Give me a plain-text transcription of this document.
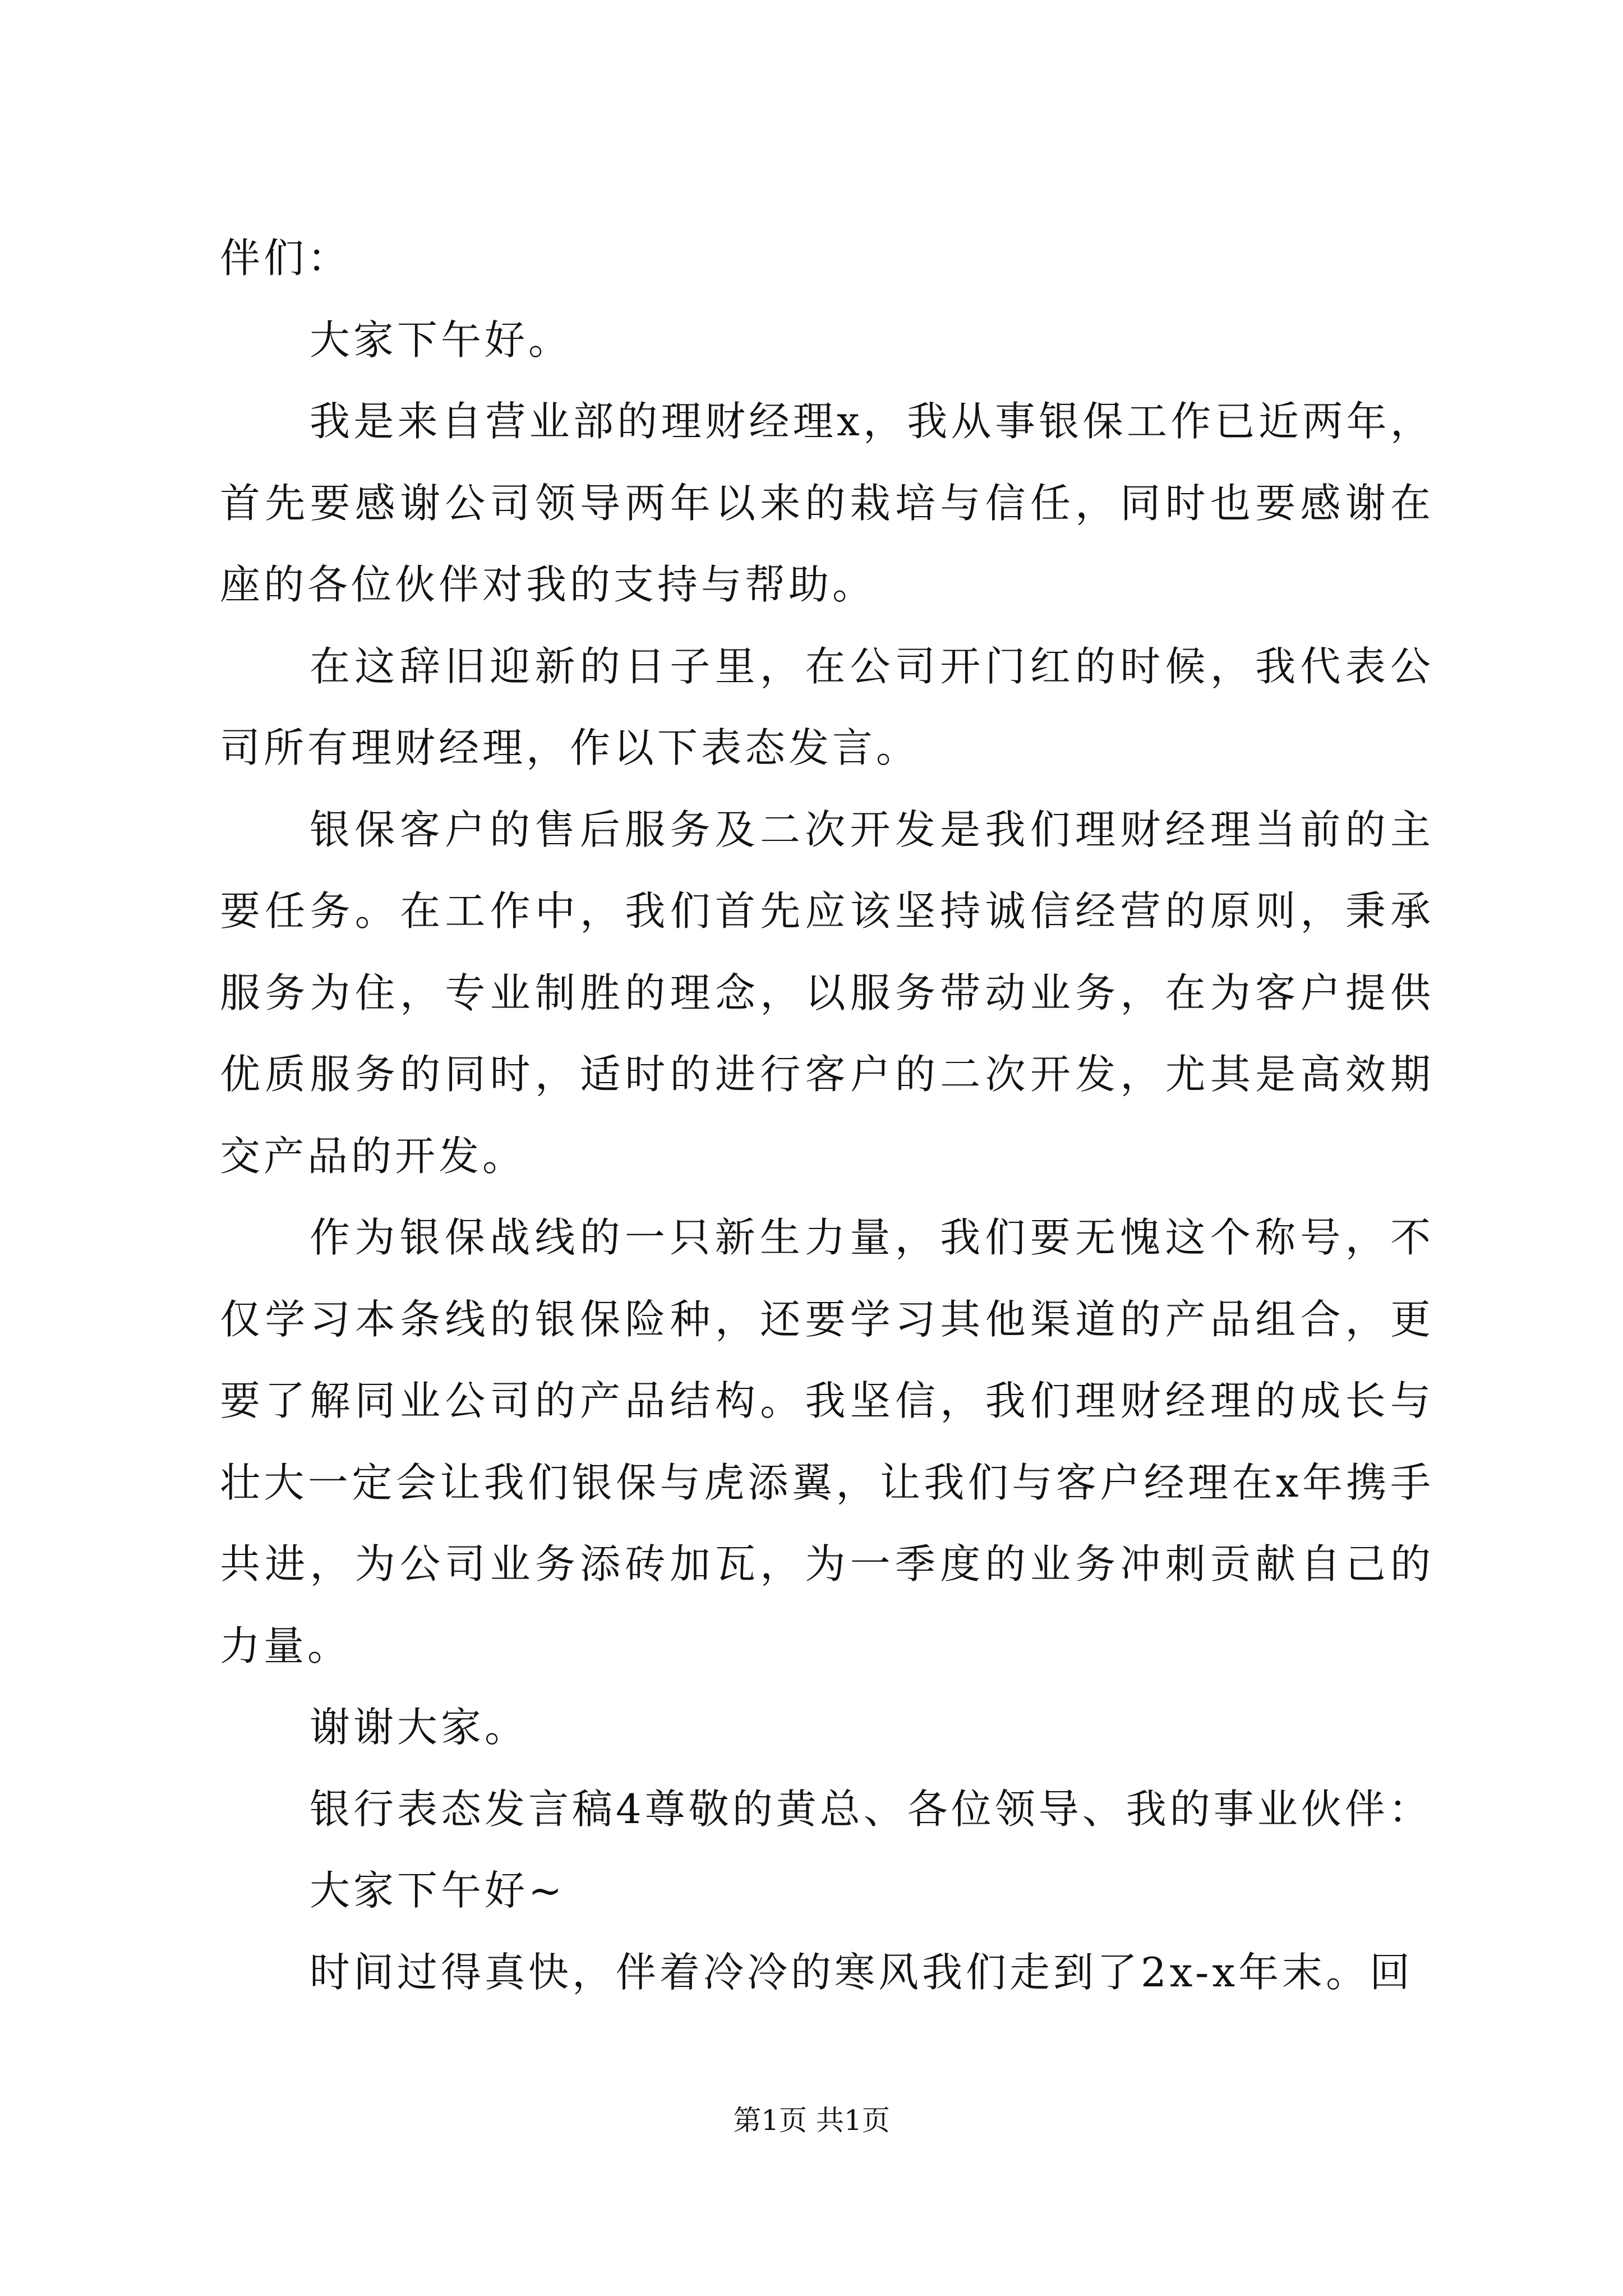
伴们：

大家下午好。

我是来自营业部的理财经理x，我从事银保工作已近两年，首先要感谢公司领导两年以来的栽培与信任，同时也要感谢在座的各位伙伴对我的支持与帮助。

在这辞旧迎新的日子里，在公司开门红的时候，我代表公司所有理财经理，作以下表态发言。

银保客户的售后服务及二次开发是我们理财经理当前的主要任务。在工作中，我们首先应该坚持诚信经营的原则，秉承服务为住，专业制胜的理念，以服务带动业务，在为客户提供优质服务的同时，适时的进行客户的二次开发，尤其是高效期交产品的开发。

作为银保战线的一只新生力量，我们要无愧这个称号，不仅学习本条线的银保险种，还要学习其他渠道的产品组合，更要了解同业公司的产品结构。我坚信，我们理财经理的成长与壮大一定会让我们银保与虎添翼，让我们与客户经理在x年携手共进，为公司业务添砖加瓦，为一季度的业务冲刺贡献自己的力量。

谢谢大家。

银行表态发言稿4尊敬的黄总、各位领导、我的事业伙伴：

大家下午好~

时间过得真快，伴着冷冷的寒风我们走到了2x-x年末。回

第1页 共1页
